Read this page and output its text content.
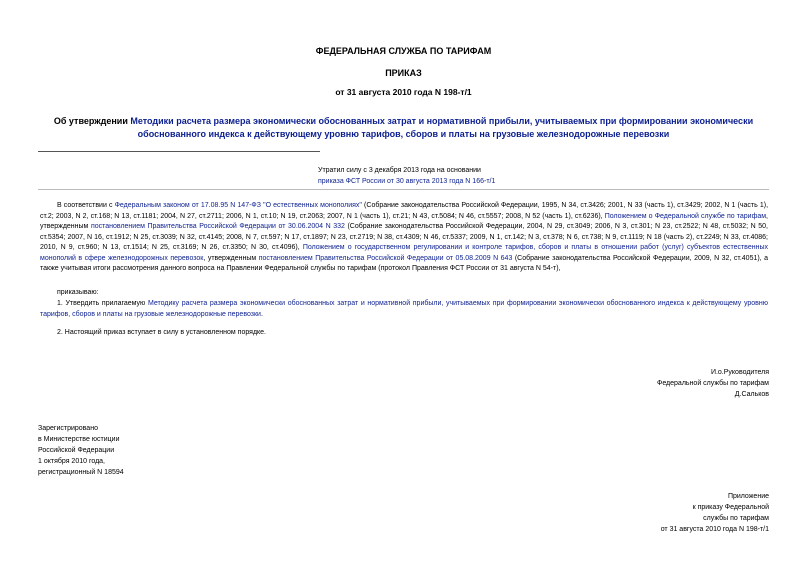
ФЕДЕРАЛЬНАЯ СЛУЖБА ПО ТАРИФАМ
ПРИКАЗ
от 31 августа 2010 года N 198-т/1
Об утверждении Методики расчета размера экономически обоснованных затрат и нормативной прибыли, учитываемых при формировании экономически обоснованного индекса к действующему уровню тарифов, сборов и платы на грузовые железнодорожные перевозки
Утратил силу с 3 декабря 2013 года на основании
приказа ФСТ России от 30 августа 2013 года N 166-т/1
В соответствии с Федеральным законом от 17.08.95 N 147-ФЗ "О естественных монополиях" (Собрание законодательства Российской Федерации, 1995, N 34, ст.3426; 2001, N 33 (часть 1), ст.3429; 2002, N 1 (часть 1), ст.2; 2003, N 2, ст.168; N 13, ст.1181; 2004, N 27, ст.2711; 2006, N 1, ст.10; N 19, ст.2063; 2007, N 1 (часть 1), ст.21; N 43, ст.5084; N 46, ст.5557; 2008, N 52 (часть 1), ст.6236), Положением о Федеральной службе по тарифам, утвержденным постановлением Правительства Российской Федерации от 30.06.2004 N 332 (Собрание законодательства Российской Федерации, 2004, N 29, ст.3049; 2006, N 3, ст.301; N 23, ст.2522; N 48, ст.5032; N 50, ст.5354; 2007, N 16, ст.1912; N 25, ст.3039; N 32, ст.4145; 2008, N 7, ст.597; N 17, ст.1897; N 23, ст.2719; N 38, ст.4309; N 46, ст.5337; 2009, N 1, ст.142; N 3, ст.378; N 6, ст.738; N 9, ст.1119; N 18 (часть 2), ст.2249; N 33, ст.4086; 2010, N 9, ст.960; N 13, ст.1514; N 25, ст.3169; N 26, ст.3350; N 30, ст.4096), Положением о государственном регулировании и контроле тарифов, сборов и платы в отношении работ (услуг) субъектов естественных монополий в сфере железнодорожных перевозок, утвержденным постановлением Правительства Российской Федерации от 05.08.2009 N 643 (Собрание законодательства Российской Федерации, 2009, N 32, ст.4051), а также учитывая итоги рассмотрения данного вопроса на Правлении Федеральной службы по тарифам (протокол Правления ФСТ России от 31 августа N 54-т),
приказываю:
1. Утвердить прилагаемую Методику расчета размера экономически обоснованных затрат и нормативной прибыли, учитываемых при формировании экономически обоснованного индекса к действующему уровню тарифов, сборов и платы на грузовые железнодорожные перевозки.
2. Настоящий приказ вступает в силу в установленном порядке.
И.о.Руководителя
Федеральной службы по тарифам
Д.Сальков
Зарегистрировано
в Министерстве юстиции
Российской Федерации
1 октября 2010 года,
регистрационный N 18594
Приложение
к приказу Федеральной
службы по тарифам
от 31 августа 2010 года N 198-т/1
